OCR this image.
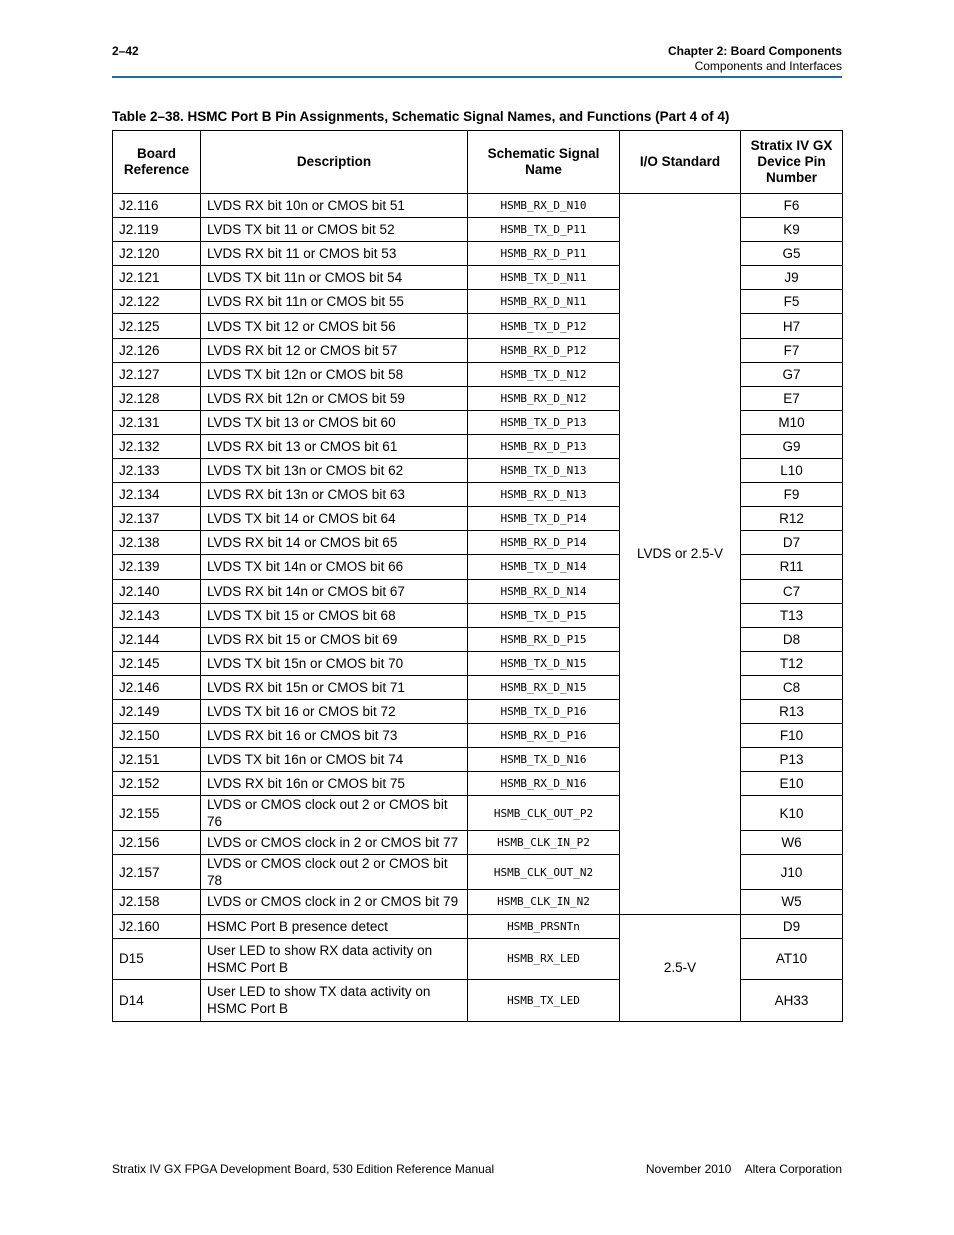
2–42	Chapter 2: Board Components
Components and Interfaces
Table 2–38. HSMC Port B Pin Assignments, Schematic Signal Names, and Functions (Part 4 of 4)
Board Reference	Description	Schematic Signal Name	I/O Standard	Stratix IV GX Device Pin Number
J2.116	LVDS RX bit 10n or CMOS bit 51	HSMB_RX_D_N10	LVDS or 2.5-V	F6
J2.119	LVDS TX bit 11 or CMOS bit 52	HSMB_TX_D_P11		K9
J2.120	LVDS RX bit 11 or CMOS bit 53	HSMB_RX_D_P11		G5
J2.121	LVDS TX bit 11n or CMOS bit 54	HSMB_TX_D_N11		J9
J2.122	LVDS RX bit 11n or CMOS bit 55	HSMB_RX_D_N11		F5
J2.125	LVDS TX bit 12 or CMOS bit 56	HSMB_TX_D_P12		H7
J2.126	LVDS RX bit 12 or CMOS bit 57	HSMB_RX_D_P12		F7
J2.127	LVDS TX bit 12n or CMOS bit 58	HSMB_TX_D_N12		G7
J2.128	LVDS RX bit 12n or CMOS bit 59	HSMB_RX_D_N12		E7
J2.131	LVDS TX bit 13 or CMOS bit 60	HSMB_TX_D_P13		M10
J2.132	LVDS RX bit 13 or CMOS bit 61	HSMB_RX_D_P13		G9
J2.133	LVDS TX bit 13n or CMOS bit 62	HSMB_TX_D_N13		L10
J2.134	LVDS RX bit 13n or CMOS bit 63	HSMB_RX_D_N13		F9
J2.137	LVDS TX bit 14 or CMOS bit 64	HSMB_TX_D_P14		R12
J2.138	LVDS RX bit 14 or CMOS bit 65	HSMB_RX_D_P14		D7
J2.139	LVDS TX bit 14n or CMOS bit 66	HSMB_TX_D_N14		R11
J2.140	LVDS RX bit 14n or CMOS bit 67	HSMB_RX_D_N14		C7
J2.143	LVDS TX bit 15 or CMOS bit 68	HSMB_TX_D_P15		T13
J2.144	LVDS RX bit 15 or CMOS bit 69	HSMB_RX_D_P15		D8
J2.145	LVDS TX bit 15n or CMOS bit 70	HSMB_TX_D_N15		T12
J2.146	LVDS RX bit 15n or CMOS bit 71	HSMB_RX_D_N15		C8
J2.149	LVDS TX bit 16 or CMOS bit 72	HSMB_TX_D_P16		R13
J2.150	LVDS RX bit 16 or CMOS bit 73	HSMB_RX_D_P16		F10
J2.151	LVDS TX bit 16n or CMOS bit 74	HSMB_TX_D_N16		P13
J2.152	LVDS RX bit 16n or CMOS bit 75	HSMB_RX_D_N16		E10
J2.155	LVDS or CMOS clock out 2 or CMOS bit 76	HSMB_CLK_OUT_P2		K10
J2.156	LVDS or CMOS clock in 2 or CMOS bit 77	HSMB_CLK_IN_P2		W6
J2.157	LVDS or CMOS clock out 2 or CMOS bit 78	HSMB_CLK_OUT_N2		J10
J2.158	LVDS or CMOS clock in 2 or CMOS bit 79	HSMB_CLK_IN_N2		W5
J2.160	HSMC Port B presence detect	HSMB_PRSNTn	2.5-V	D9
D15	User LED to show RX data activity on HSMC Port B	HSMB_RX_LED		AT10
D14	User LED to show TX data activity on HSMC Port B	HSMB_TX_LED		AH33
Stratix IV GX FPGA Development Board, 530 Edition Reference Manual	November 2010 Altera Corporation
